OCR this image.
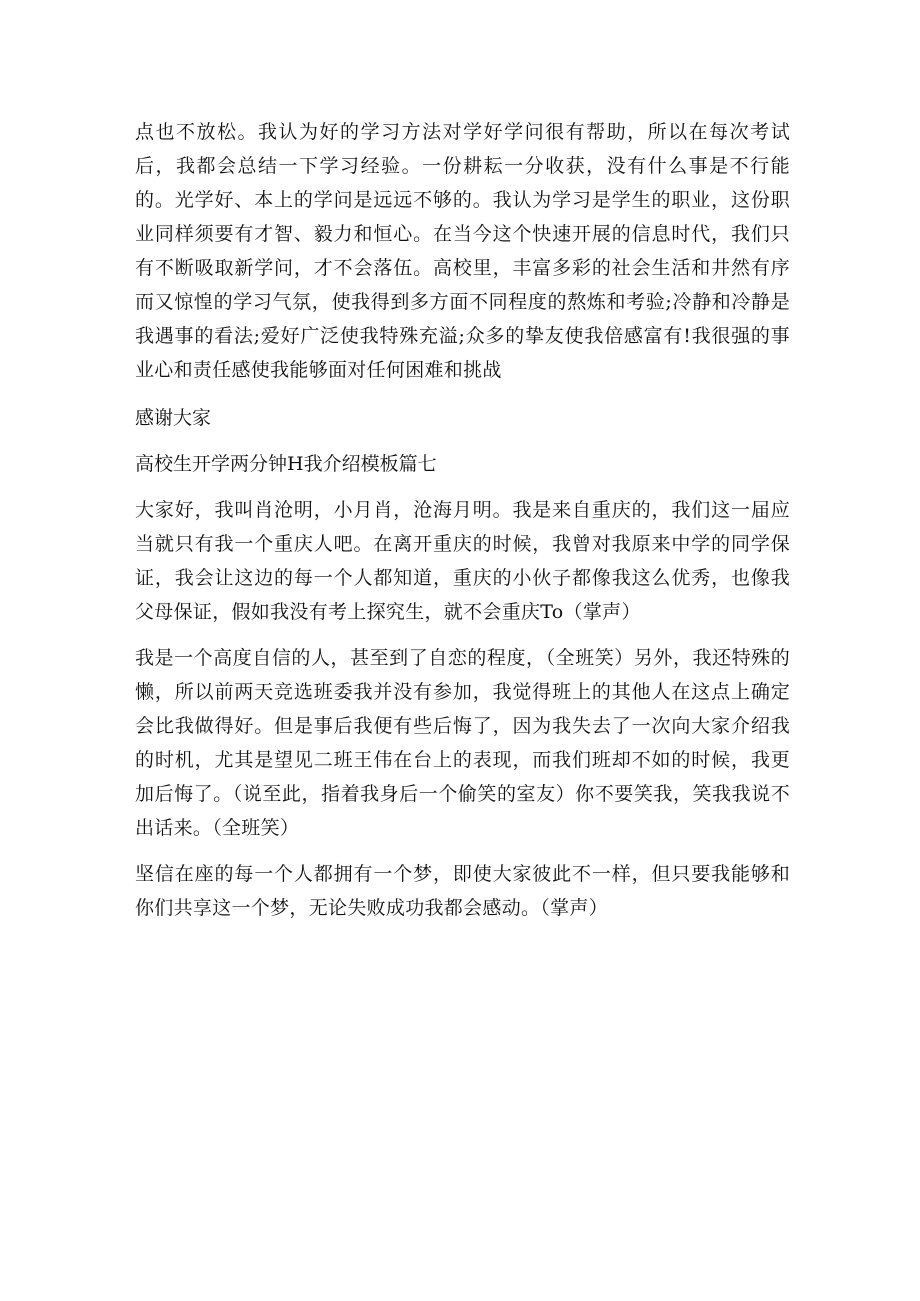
点也不放松。我认为好的学习方法对学好学问很有帮助，所以在每次考试后，我都会总结一下学习经验。一份耕耘一分收获，没有什么事是不行能的。光学好、本上的学问是远远不够的。我认为学习是学生的职业，这份职业同样须要有才智、毅力和恒心。在当今这个快速开展的信息时代，我们只有不断吸取新学问，才不会落伍。高校里，丰富多彩的社会生活和井然有序而又惊惶的学习气氛，使我得到多方面不同程度的熬炼和考验;冷静和冷静是我遇事的看法;爱好广泛使我特殊充溢;众多的挚友使我倍感富有!我很强的事业心和责任感使我能够面对任何困难和挑战

感谢大家

高校生开学两分钟H我介绍模板篇七

大家好，我叫肖沧明，小月肖，沧海月明。我是来自重庆的，我们这一届应当就只有我一个重庆人吧。在离开重庆的时候，我曾对我原来中学的同学保证，我会让这边的每一个人都知道，重庆的小伙子都像我这么优秀，也像我父母保证，假如我没有考上探究生，就不会重庆To（掌声）

我是一个高度自信的人，甚至到了自恋的程度，（全班笑）另外，我还特殊的懒，所以前两天竞选班委我并没有参加，我觉得班上的其他人在这点上确定会比我做得好。但是事后我便有些后悔了，因为我失去了一次向大家介绍我的时机，尤其是望见二班王伟在台上的表现，而我们班却不如的时候，我更加后悔了。（说至此，指着我身后一个偷笑的室友）你不要笑我，笑我我说不出话来。（全班笑）

坚信在座的每一个人都拥有一个梦，即使大家彼此不一样，但只要我能够和你们共享这一个梦，无论失败成功我都会感动。（掌声）
